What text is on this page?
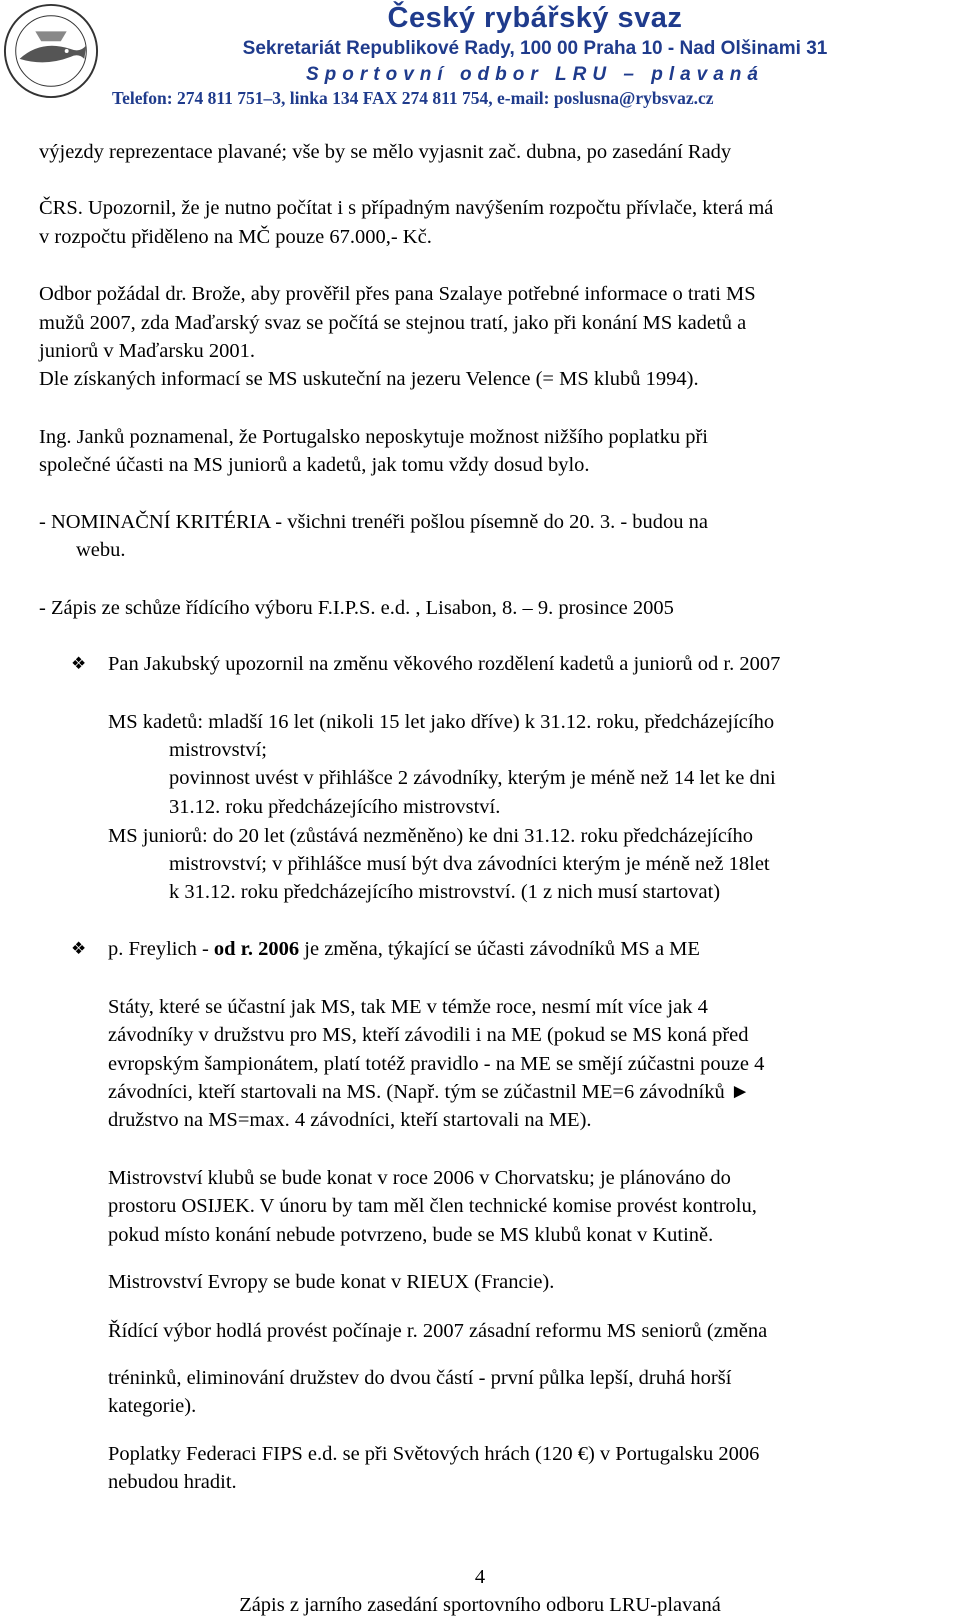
Český rybářský svaz
Sekretariát Republikové Rady, 100 00 Praha 10 - Nad Olšinami 31
Sportovní odbor LRU – plavaná
Telefon: 274 811 751–3, linka 134 FAX 274 811 754, e-mail: poslusna@rybsvaz.cz
výjezdy reprezentace plavané; vše by se mělo vyjasnit zač. dubna, po zasedání Rady
ČRS. Upozornil, že je nutno počítat i s případným navýšením rozpočtu přívlače, která má
v rozpočtu přiděleno na MČ pouze 67.000,- Kč.
Odbor požádal dr. Brože, aby prověřil přes pana Szalaye potřebné informace o trati MS
mužů 2007, zda Maďarský svaz se počítá se stejnou tratí, jako při konání MS kadetů a
juniorů v Maďarsku 2001.
Dle získaných informací se MS uskuteční na jezeru Velence (= MS klubů 1994).
Ing. Janků poznamenal, že Portugalsko neposkytuje možnost nižšího poplatku při
společné účasti na MS juniorů a kadetů, jak tomu vždy dosud bylo.
- NOMINAČNÍ KRITÉRIA - všichni trenéři pošlou písemně do 20. 3. - budou na
webu.
- Zápis ze schůze řídícího výboru F.I.P.S. e.d. , Lisabon, 8. – 9. prosince 2005
❖ Pan Jakubský upozornil na změnu věkového rozdělení kadetů a juniorů od r. 2007
MS kadetů: mladší 16 let (nikoli 15 let jako dříve) k 31.12. roku, předcházejícího
mistrovství;
povinnost uvést v přihlášce 2 závodníky, kterým je méně než 14 let ke dni
31.12. roku předcházejícího mistrovství.
MS juniorů: do 20 let (zůstává nezměněno) ke dni 31.12. roku předcházejícího
mistrovství; v přihlášce musí být dva závodníci kterým je méně než 18let
k 31.12. roku předcházejícího mistrovství. (1 z nich musí startovat)
❖ p. Freylich - od r. 2006 je změna, týkající se účasti závodníků MS a ME
Státy, které se účastní jak MS, tak ME v témže roce, nesmí mít více jak 4
závodníky v družstvu pro MS, kteří závodili i na ME (pokud se MS koná před
evropským šampionátem, platí totéž pravidlo - na ME se smějí zúčastni pouze 4
závodníci, kteří startovali na MS. (Např. tým se zúčastnil ME=6 závodníků ►
družstvo na MS=max. 4 závodníci, kteří startovali na ME).
Mistrovství klubů se bude konat v roce 2006 v Chorvatsku; je plánováno do
prostoru OSIJEK. V únoru by tam měl člen technické komise provést kontrolu,
pokud místo konání nebude potvrzeno, bude se MS klubů konat v Kutině.
Mistrovství Evropy se bude konat v RIEUX (Francie).
Řídící výbor hodlá provést počínaje r. 2007 zásadní reformu MS seniorů (změna
tréninků, eliminování družstev do dvou částí - první půlka lepší, druhá horší
kategorie).
Poplatky Federaci FIPS e.d. se při Světových hrách (120 €) v Portugalsku 2006
nebudou hradit.
4
Zápis z jarního zasedání sportovního odboru LRU-plavaná
